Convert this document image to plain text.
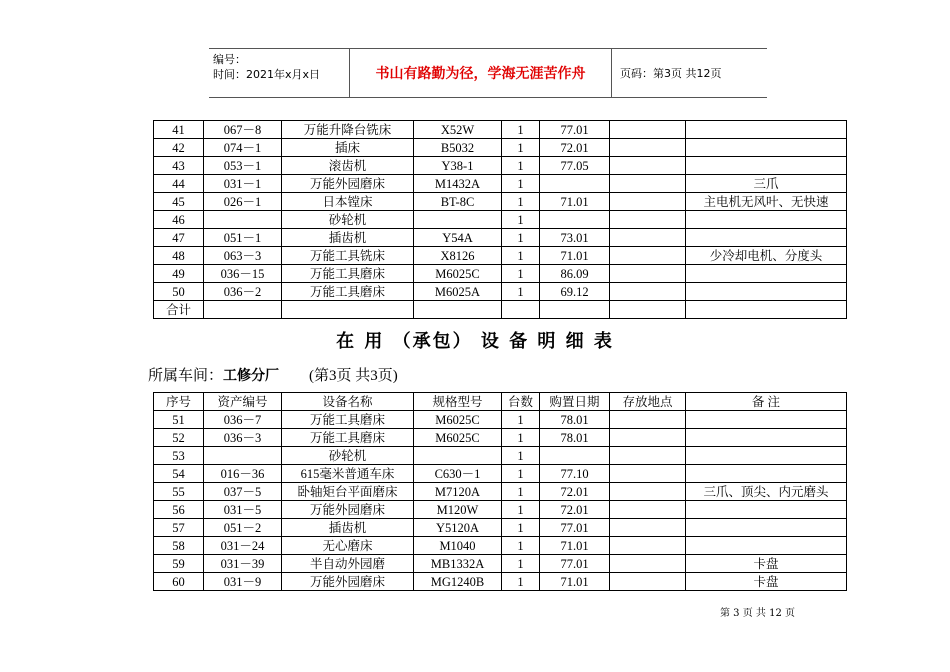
编号：
时间：2021年x月x日	书山有路勤为径，学海无涯苦作舟	页码：第3页 共12页
41	067－8	万能升降台铣床	X52W	1	77.01		
42	074－1	插床	B5032	1	72.01		
43	053－1	滚齿机	Y38-1	1	77.05		
44	031－1	万能外园磨床	M1432A	1			三爪
45	026－1	日本镗床	BT-8C	1	71.01		主电机无风叶、无快速
46		砂轮机		1			
47	051－1	插齿机	Y54A	1	73.01		
48	063－3	万能工具铣床	X8126	1	71.01		少冷却电机、分度头
49	036－15	万能工具磨床	M6025C	1	86.09		
50	036－2	万能工具磨床	M6025A	1	69.12		
合计							
在 用 （承包） 设 备 明 细 表
所属车间：工修分厂 (第3页 共3页)
序号	资产编号	设备名称	规格型号	台数	购置日期	存放地点	备 注
51	036－7	万能工具磨床	M6025C	1	78.01		
52	036－3	万能工具磨床	M6025C	1	78.01		
53		砂轮机		1			
54	016－36	615毫米普通车床	C630－1	1	77.10		
55	037－5	卧轴矩台平面磨床	M7120A	1	72.01		三爪、顶尖、内元磨头
56	031－5	万能外园磨床	M120W	1	72.01		
57	051－2	插齿机	Y5120A	1	77.01		
58	031－24	无心磨床	M1040	1	71.01		
59	031－39	半自动外园磨	MB1332A	1	77.01		卡盘
60	031－9	万能外园磨床	MG1240B	1	71.01		卡盘
第 3 页 共 12 页
